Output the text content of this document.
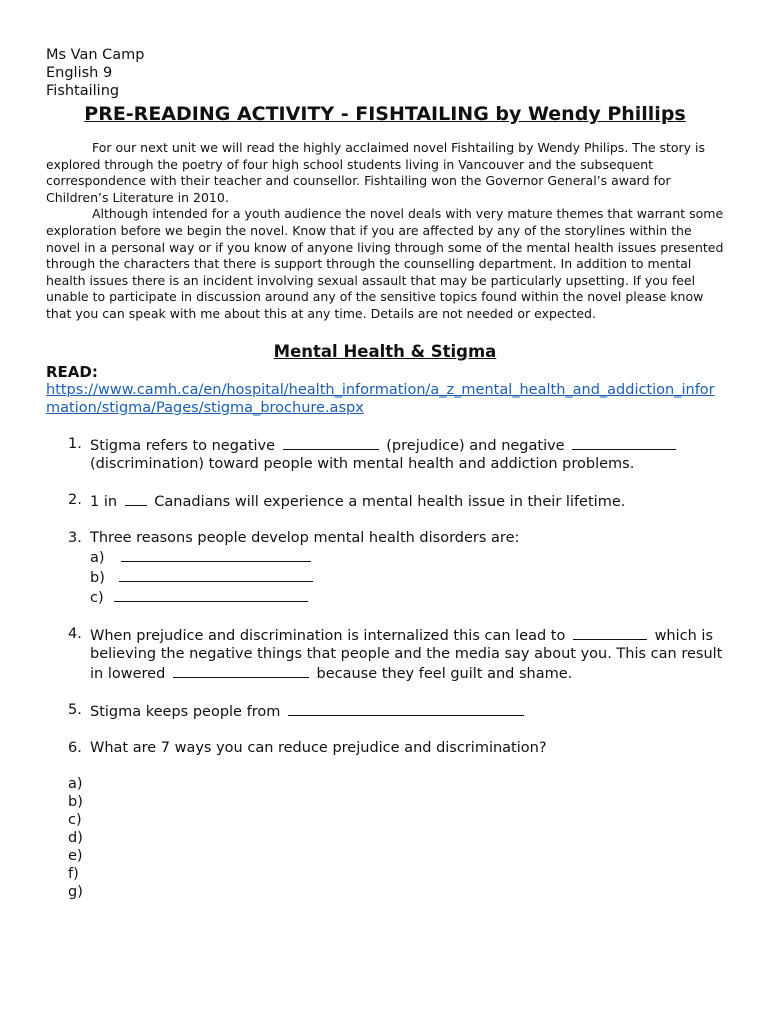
Ms Van Camp
English 9
Fishtailing
PRE-READING ACTIVITY - FISHTAILING by Wendy Phillips

For our next unit we will read the highly acclaimed novel Fishtailing by Wendy Philips. The story is explored through the poetry of four high school students living in Vancouver and the subsequent correspondence with their teacher and counsellor. Fishtailing won the Governor General’s award for Children’s Literature in 2010.

Although intended for a youth audience the novel deals with very mature themes that warrant some exploration before we begin the novel. Know that if you are affected by any of the storylines within the novel in a personal way or if you know of anyone living through some of the mental health issues presented through the characters that there is support through the counselling department. In addition to mental health issues there is an incident involving sexual assault that may be particularly upsetting. If you feel unable to participate in discussion around any of the sensitive topics found within the novel please know that you can speak with me about this at any time. Details are not needed or expected.

Mental Health & Stigma
READ:
https://www.camh.ca/en/hospital/health_information/a_z_mental_health_and_addiction_information/stigma/Pages/stigma_brochure.aspx
1. Stigma refers to negative	(prejudice) and negative  (discrimination) toward people with mental health and addiction problems.
2. 1 in	Canadians will experience a mental health issue in their lifetime.
3. Three reasons people develop mental health disorders are:
a)
b)
c)
4. When prejudice and discrimination is internalized this can lead to	which is believing the negative things that people and the media say about you. This can result in lowered	because they feel guilt and shame.
5. Stigma keeps people from
6. What are 7 ways you can reduce prejudice and discrimination?
a)
b)
c)
d)
e)
f)
g)
